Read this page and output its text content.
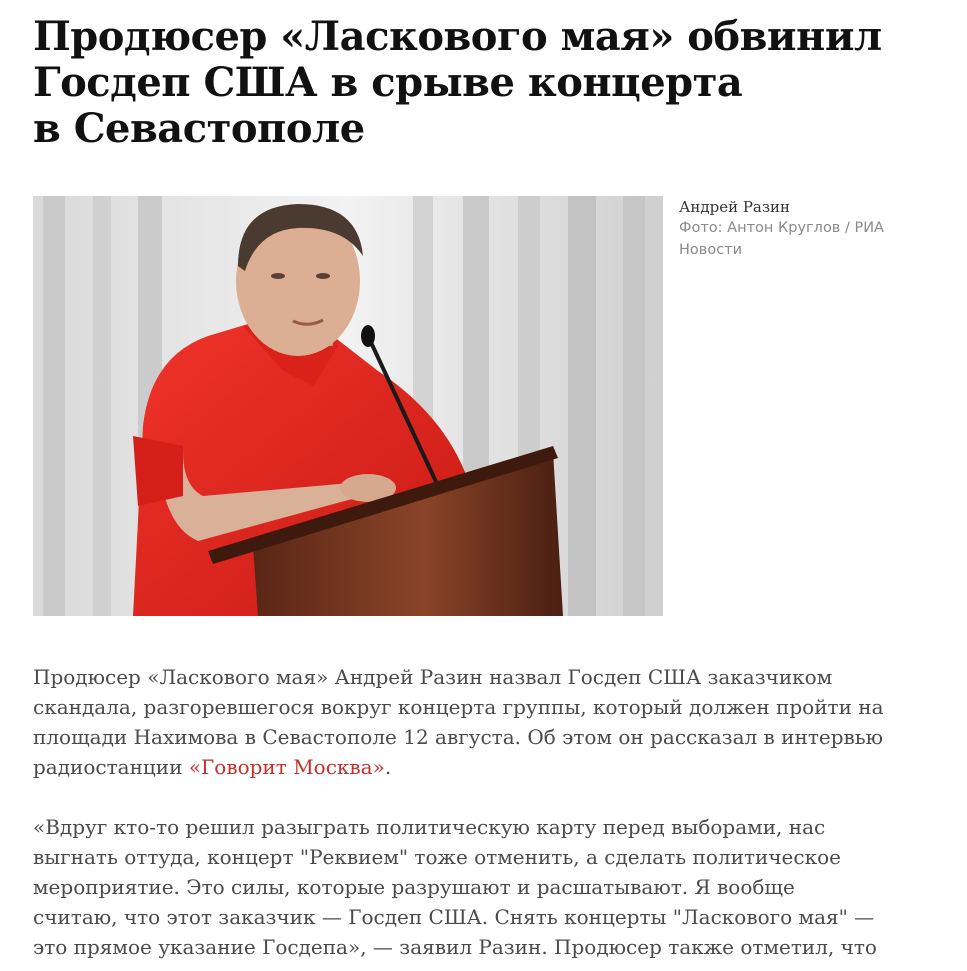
Продюсер «Ласкового мая» обвинил
Госдеп США в срыве концерта
в Севастополе
Андрей Разин
Фото: Антон Круглов / РИА
Новости

Продюсер «Ласкового мая» Андрей Разин назвал Госдеп США заказчиком
скандала, разгоревшегося вокруг концерта группы, который должен пройти на
площади Нахимова в Севастополе 12 августа. Об этом он рассказал в интервью
радиостанции «Говорит Москва».

«Вдруг кто-то решил разыграть политическую карту перед выборами, нас
выгнать оттуда, концерт "Реквием" тоже отменить, а сделать политическое
мероприятие. Это силы, которые разрушают и расшатывают. Я вообще
считаю, что этот заказчик — Госдеп США. Снять концерты "Ласкового мая" —
это прямое указание Госдепа», — заявил Разин. Продюсер также отметил, что
